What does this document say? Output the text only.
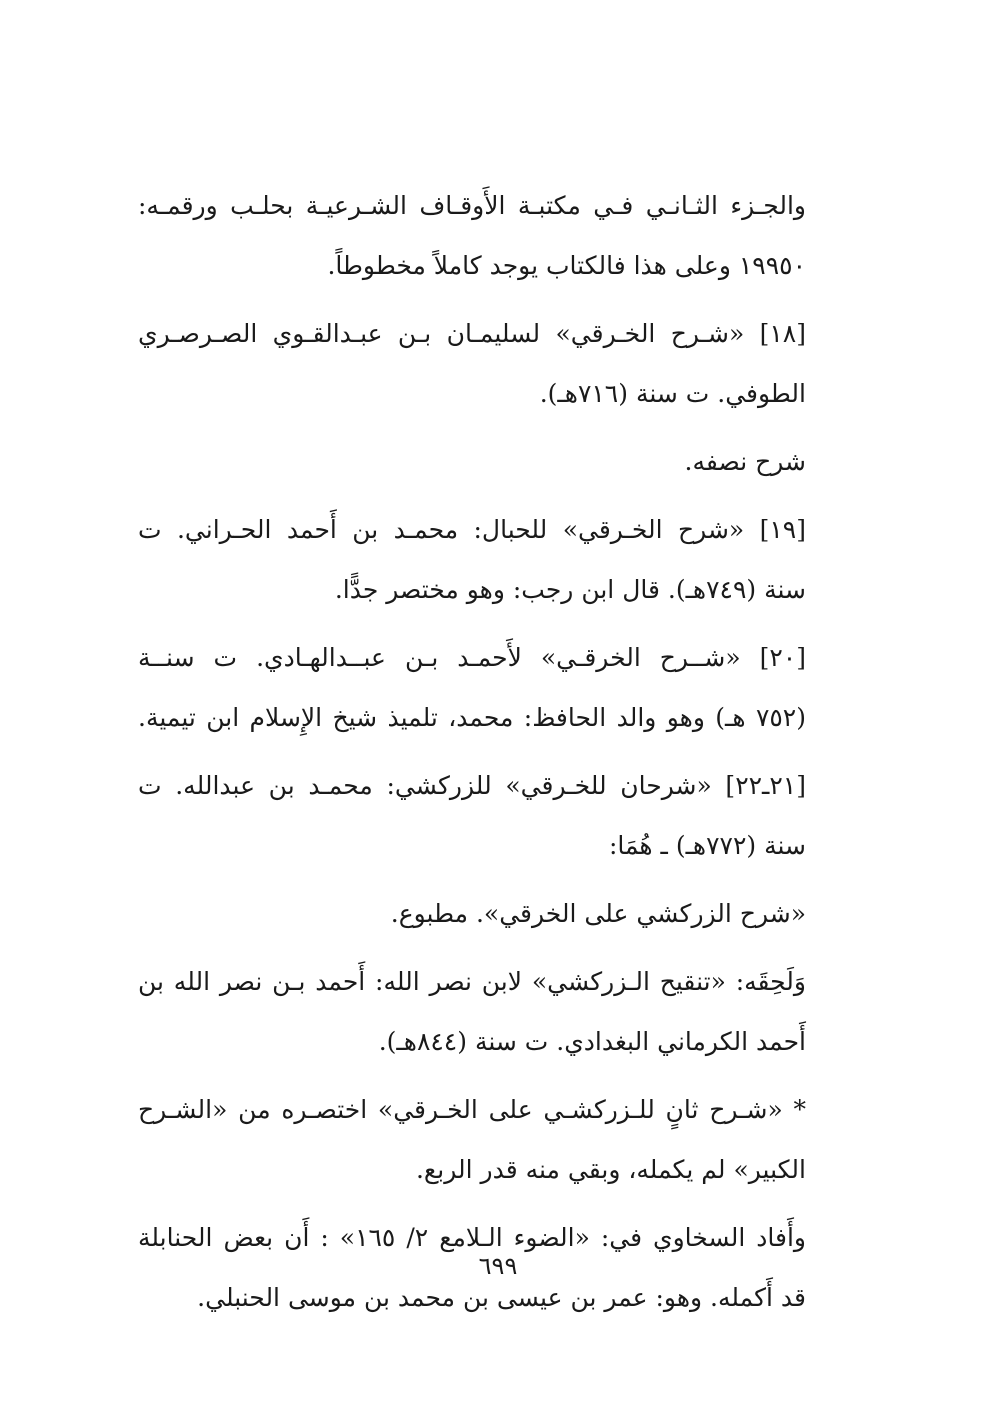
والجـزء الثـانـي فـي مكتبـة الأَوقـاف الشـرعيـة بحلـب ورقمـه:
١٩٩٥٠ وعلى هذا فالكتاب يوجد كاملاً مخطوطاً.

[١٨] «شـرح الخـرقي» لسليمـان بـن عبـدالقـوي الصـرصـري
الطوفي. ت سنة (٧١٦هـ).

شرح نصفه.

[١٩] «شرح الخـرقي» للحبال: محمـد بن أَحمد الحـراني. ت
سنة (٧٤٩هـ). قال ابن رجب: وهو مختصر جدًّا.

[٢٠] «شــرح الخرقـي» لأَحمـد بـن عبــدالهـادي. ت سنــة
(٧٥٢ هـ) وهو والد الحافظ: محمد، تلميذ شيخ الإِسلام ابن تيمية.

[٢١ـ٢٢] «شرحان للخـرقي» للزركشي: محمـد بن عبدالله. ت
سنة (٧٧٢هـ) ـ هُمَا:

«شرح الزركشي على الخرقي». مطبوع.

وَلَحِقَه: «تنقيح الـزركشي» لابن نصر الله: أَحمد بـن نصر الله بن
أَحمد الكرماني البغدادي. ت سنة (٨٤٤هـ).

* «شـرح ثانٍ للـزركشـي على الخـرقي» اختصـره من «الشـرح
الكبير» لم يكمله، وبقي منه قدر الربع.

وأَفاد السخاوي في: «الضوء الـلامع ٢/ ١٦٥» : أَن بعض الحنابلة
قد أَكمله. وهو: عمر بن عيسى بن محمد بن موسى الحنبلي.

٦٩٩
